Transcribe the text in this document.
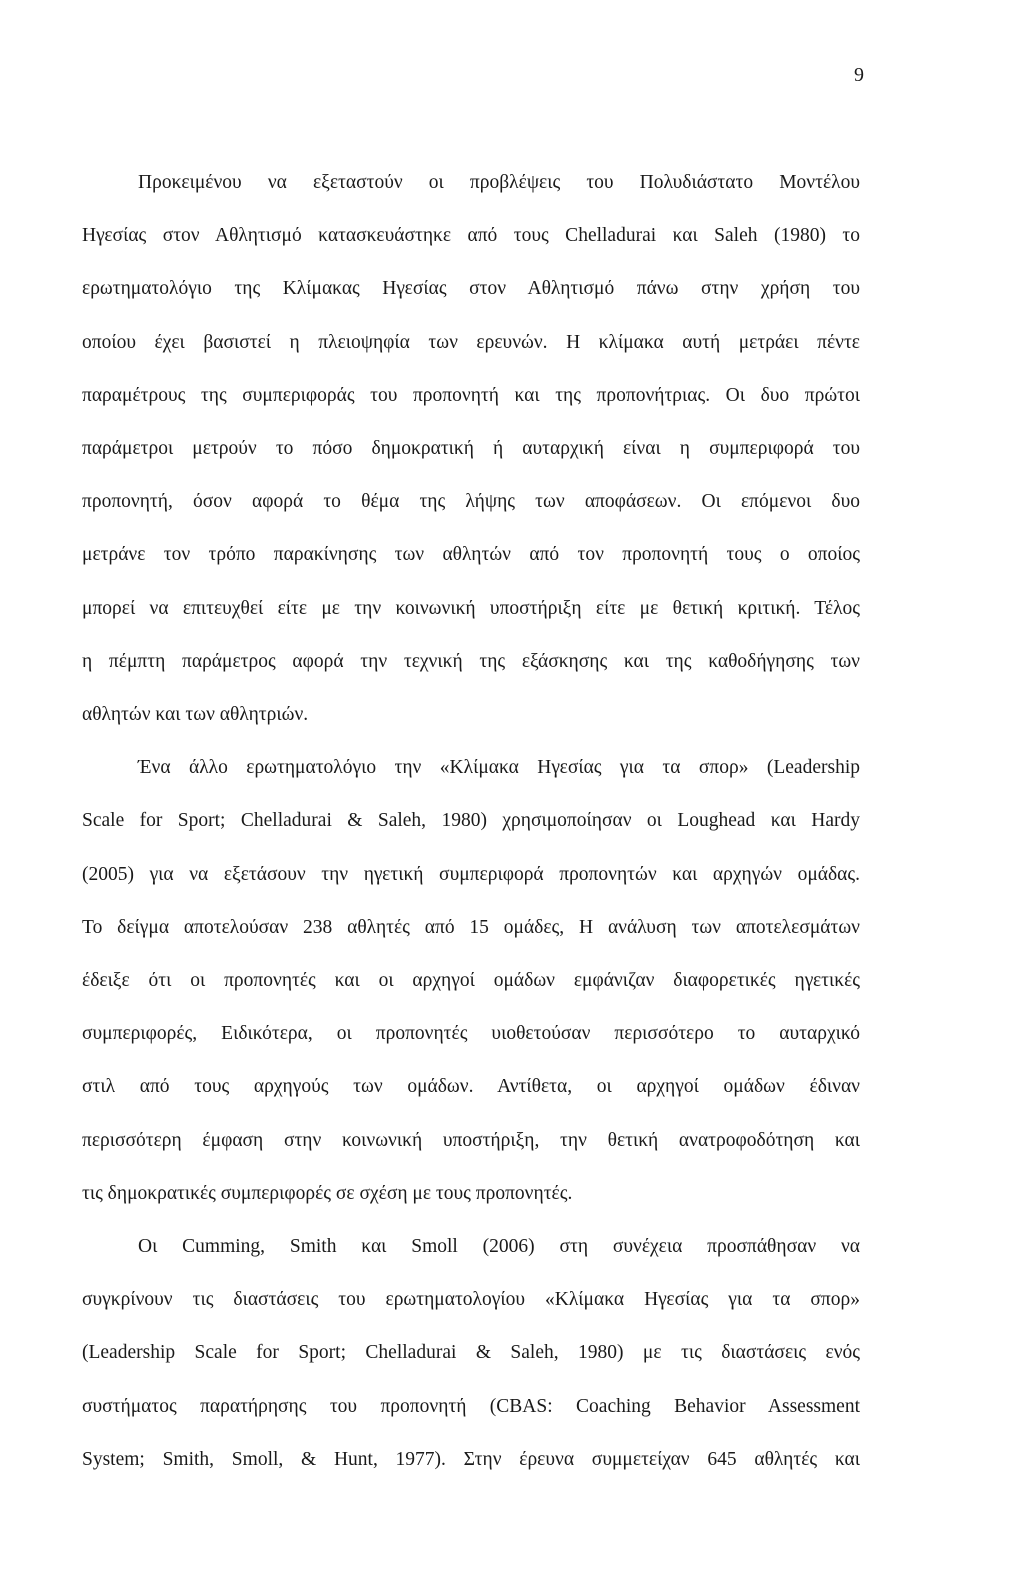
9
Προκειμένου να εξεταστούν οι προβλέψεις του Πολυδιάστατο Μοντέλου
Ηγεσίας στον Αθλητισμό κατασκευάστηκε από τους Chelladurai και Saleh (1980) το
ερωτηματολόγιο της Κλίμακας Ηγεσίας στον Αθλητισμό πάνω στην χρήση του
οποίου έχει βασιστεί η πλειοψηφία των ερευνών. Η κλίμακα αυτή μετράει πέντε
παραμέτρους της συμπεριφοράς του προπονητή και της προπονήτριας. Οι δυο πρώτοι
παράμετροι μετρούν το πόσο δημοκρατική ή αυταρχική είναι η συμπεριφορά του
προπονητή, όσον αφορά το θέμα της λήψης των αποφάσεων. Οι επόμενοι δυο
μετράνε τον τρόπο παρακίνησης των αθλητών από τον προπονητή τους ο οποίος
μπορεί να επιτευχθεί είτε με την κοινωνική υποστήριξη είτε με θετική κριτική. Τέλος
η πέμπτη παράμετρος αφορά την τεχνική της εξάσκησης και της καθοδήγησης των
αθλητών και των αθλητριών.
Ένα άλλο ερωτηματολόγιο την «Κλίμακα Ηγεσίας για τα σπορ» (Leadership
Scale for Sport; Chelladurai & Saleh, 1980) χρησιμοποίησαν οι Loughead και Hardy
(2005) για να εξετάσουν την ηγετική συμπεριφορά προπονητών και αρχηγών ομάδας.
Το δείγμα αποτελούσαν 238 αθλητές από 15 ομάδες, Η ανάλυση των αποτελεσμάτων
έδειξε ότι οι προπονητές και οι αρχηγοί ομάδων εμφάνιζαν διαφορετικές ηγετικές
συμπεριφορές, Ειδικότερα, οι προπονητές υιοθετούσαν περισσότερο το αυταρχικό
στιλ από τους αρχηγούς των ομάδων. Αντίθετα, οι αρχηγοί ομάδων έδιναν
περισσότερη έμφαση στην κοινωνική υποστήριξη, την θετική ανατροφοδότηση και
τις δημοκρατικές συμπεριφορές σε σχέση με τους προπονητές.
Οι Cumming, Smith και Smoll (2006) στη συνέχεια προσπάθησαν να
συγκρίνουν τις διαστάσεις του ερωτηματολογίου «Κλίμακα Ηγεσίας για τα σπορ»
(Leadership Scale for Sport; Chelladurai & Saleh, 1980) με τις διαστάσεις ενός
συστήματος παρατήρησης του προπονητή (CBAS: Coaching Behavior Assessment
System; Smith, Smoll, & Hunt, 1977). Στην έρευνα συμμετείχαν 645 αθλητές και
